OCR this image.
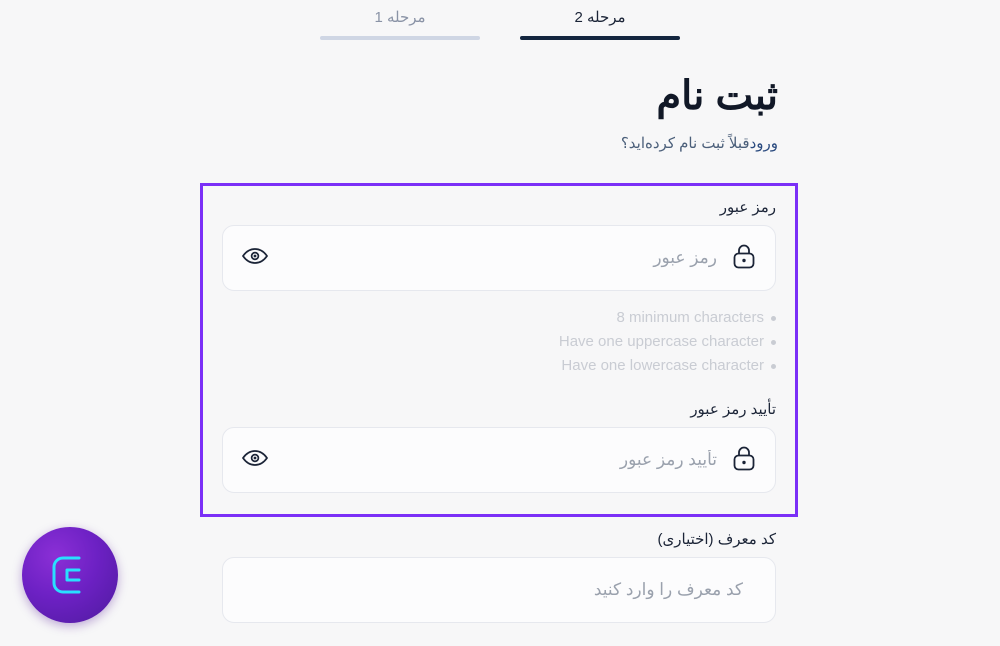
مرحله 2
مرحله 1
ثبت نام
ورودقبلاً ثبت نام کرده‌اید؟
رمز عبور
8 minimum characters
Have one uppercase character
Have one lowercase character
تأیید رمز عبور
کد معرف (اختیاری)
کد معرف را وارد کنید
